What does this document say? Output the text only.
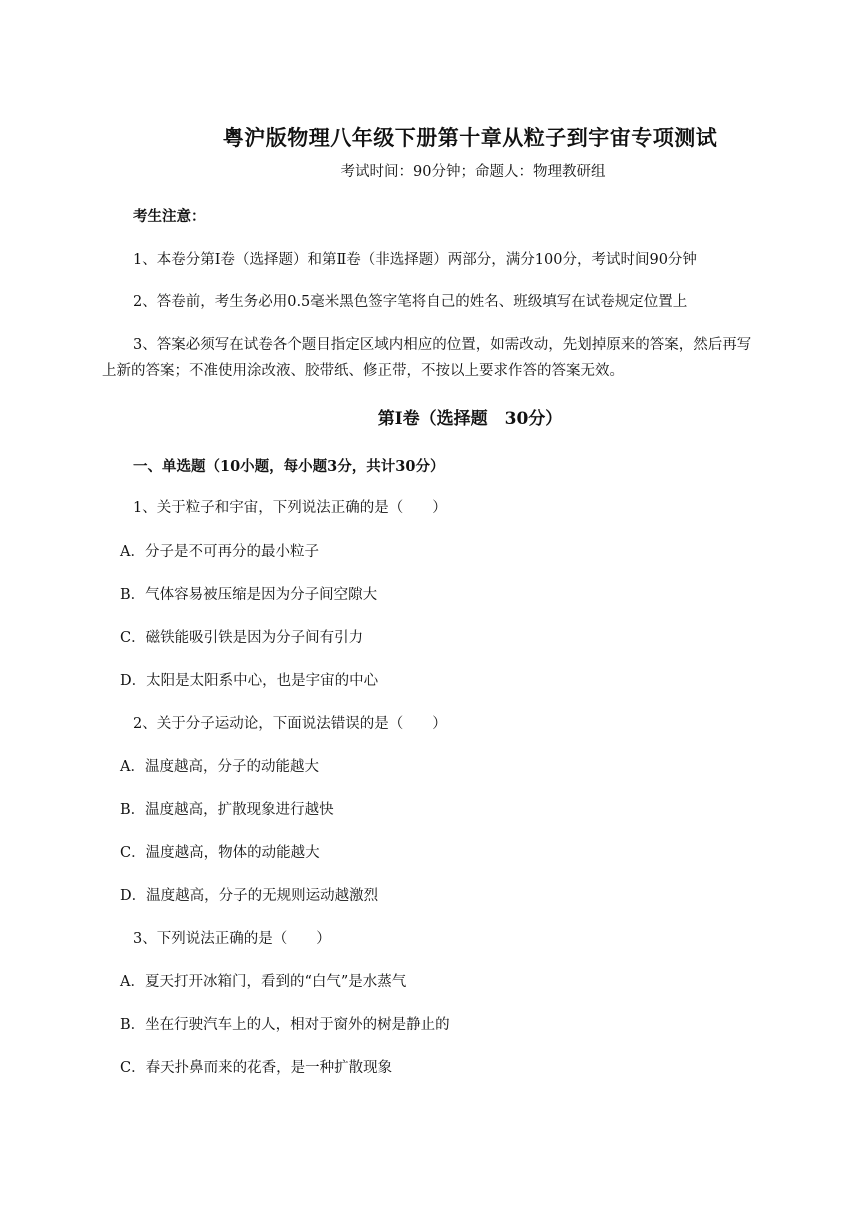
粤沪版物理八年级下册第十章从粒子到宇宙专项测试
考试时间：90分钟；命题人：物理教研组
考生注意：
1、本卷分第Ⅰ卷（选择题）和第Ⅱ卷（非选择题）两部分，满分100分，考试时间90分钟
2、答卷前，考生务必用0.5毫米黑色签字笔将自己的姓名、班级填写在试卷规定位置上
3、答案必须写在试卷各个题目指定区域内相应的位置，如需改动，先划掉原来的答案，然后再写
上新的答案；不准使用涂改液、胶带纸、修正带，不按以上要求作答的答案无效。
第Ⅰ卷（选择题　30分）
一、单选题（10小题，每小题3分，共计30分）
1、关于粒子和宇宙，下列说法正确的是（　　）
A．分子是不可再分的最小粒子
B．气体容易被压缩是因为分子间空隙大
C．磁铁能吸引铁是因为分子间有引力
D．太阳是太阳系中心，也是宇宙的中心
2、关于分子运动论，下面说法错误的是（　　）
A．温度越高，分子的动能越大
B．温度越高，扩散现象进行越快
C．温度越高，物体的动能越大
D．温度越高，分子的无规则运动越激烈
3、下列说法正确的是（　　）
A．夏天打开冰箱门，看到的“白气”是水蒸气
B．坐在行驶汽车上的人，相对于窗外的树是静止的
C．春天扑鼻而来的花香，是一种扩散现象
